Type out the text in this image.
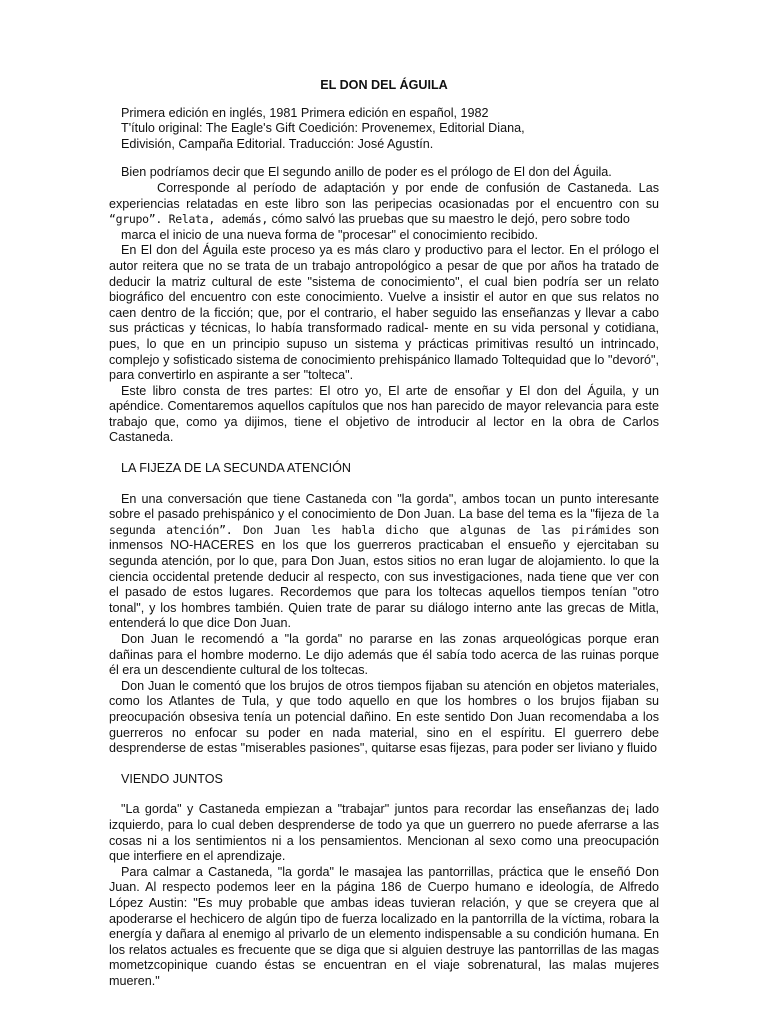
EL DON DEL ÁGUILA

Primera edición en inglés, 1981 Primera edición en español, 1982

T'ítulo original: The Eagle's Gift Coedición: Provenemex, Editorial Diana,

Edivisión, Campaña Editorial. Traducción: José Agustín.

Bien podríamos decir que El segundo anillo de poder es el prólogo de El don del Águila.

Corresponde al período de adaptación y por ende de confusión de Castaneda. Las experiencias relatadas en este libro son las peripecias ocasionadas por el encuentro con su “grupo”. Relata, además, cómo salvó las pruebas que su maestro le dejó, pero sobre todo

marca el inicio de una nueva forma de "procesar" el conocimiento recibido.

En El don del Águila este proceso ya es más claro y productivo para el lector. En el prólogo el autor reitera que no se trata de un trabajo antropológico a pesar de que por años ha tratado de deducir la matriz cultural de este "sistema de conocimiento", el cual bien podría ser un relato biográfico del encuentro con este conocimiento. Vuelve a insistir el autor en que sus relatos no caen dentro de la ficción; que, por el contrario, el haber seguido las enseñanzas y llevar a cabo sus prácticas y técnicas, lo había transformado radical- mente en su vida personal y cotidiana, pues, lo que en un principio supuso un sistema y prácticas primitivas resultó un intrincado, complejo y sofisticado sistema de conocimiento prehispánico llamado Toltequidad que lo "devoró", para convertirlo en aspirante a ser "tolteca".

Este libro consta de tres partes: El otro yo, El arte de ensoñar y El don del Águila, y un apéndice. Comentaremos aquellos capítulos que nos han parecido de mayor relevancia para este trabajo que, como ya dijimos, tiene el objetivo de introducir al lector en la obra de Carlos Castaneda.

LA FIJEZA DE LA SECUNDA ATENCIÓN

En una conversación que tiene Castaneda con "la gorda", ambos tocan un punto interesante sobre el pasado prehispánico y el conocimiento de Don Juan. La base del tema es la "fijeza de la segunda atención”. Don Juan les habla dicho que algunas de las pirámides son inmensos NO-HACERES en los que los guerreros practicaban el ensueño y ejercitaban su segunda atención, por lo que, para Don Juan, estos sitios no eran lugar de alojamiento. lo que la ciencia occidental pretende deducir al respecto, con sus investigaciones, nada tiene que ver con el pasado de estos lugares. Recordemos que para los toltecas aquellos tiempos tenían "otro tonal", y los hombres también. Quien trate de parar su diálogo interno ante las grecas de Mitla, entenderá lo que dice Don Juan.

Don Juan le recomendó a "la gorda" no pararse en las zonas arqueológicas porque eran dañinas para el hombre moderno. Le dijo además que él sabía todo acerca de las ruinas porque él era un descendiente cultural de los toltecas.

Don Juan le comentó que los brujos de otros tiempos fijaban su atención en objetos materiales, como los Atlantes de Tula, y que todo aquello en que los hombres o los brujos fijaban su preocupación obsesiva tenía un potencial dañino. En este sentido Don Juan recomendaba a los guerreros no enfocar su poder en nada material, sino en el espíritu. El guerrero debe desprenderse de estas "miserables pasiones", quitarse esas fijezas, para poder ser liviano y fluido

VIENDO JUNTOS

"La gorda" y Castaneda empiezan a "trabajar" juntos para recordar las enseñanzas de¡ lado izquierdo, para lo cual deben desprenderse de todo ya que un guerrero no puede aferrarse a las cosas ni a los sentimientos ni a los pensamientos. Mencionan al sexo como una preocupación que interfiere en el aprendizaje.

Para calmar a Castaneda, "la gorda" le masajea las pantorrillas, práctica que le enseñó Don Juan. Al respecto podemos leer en la página 186 de Cuerpo humano e ideología, de Alfredo López Austin: "Es muy probable que ambas ideas tuvieran relación, y que se creyera que al apoderarse el hechicero de algún tipo de fuerza localizado en la pantorrilla de la víctima, robara la energía y dañara al enemigo al privarlo de un elemento indispensable a su condición humana. En los relatos actuales es frecuente que se diga que si alguien destruye las pantorrillas de las magas mometzcopinique cuando éstas se encuentran en el viaje sobrenatural, las malas mujeres mueren."
